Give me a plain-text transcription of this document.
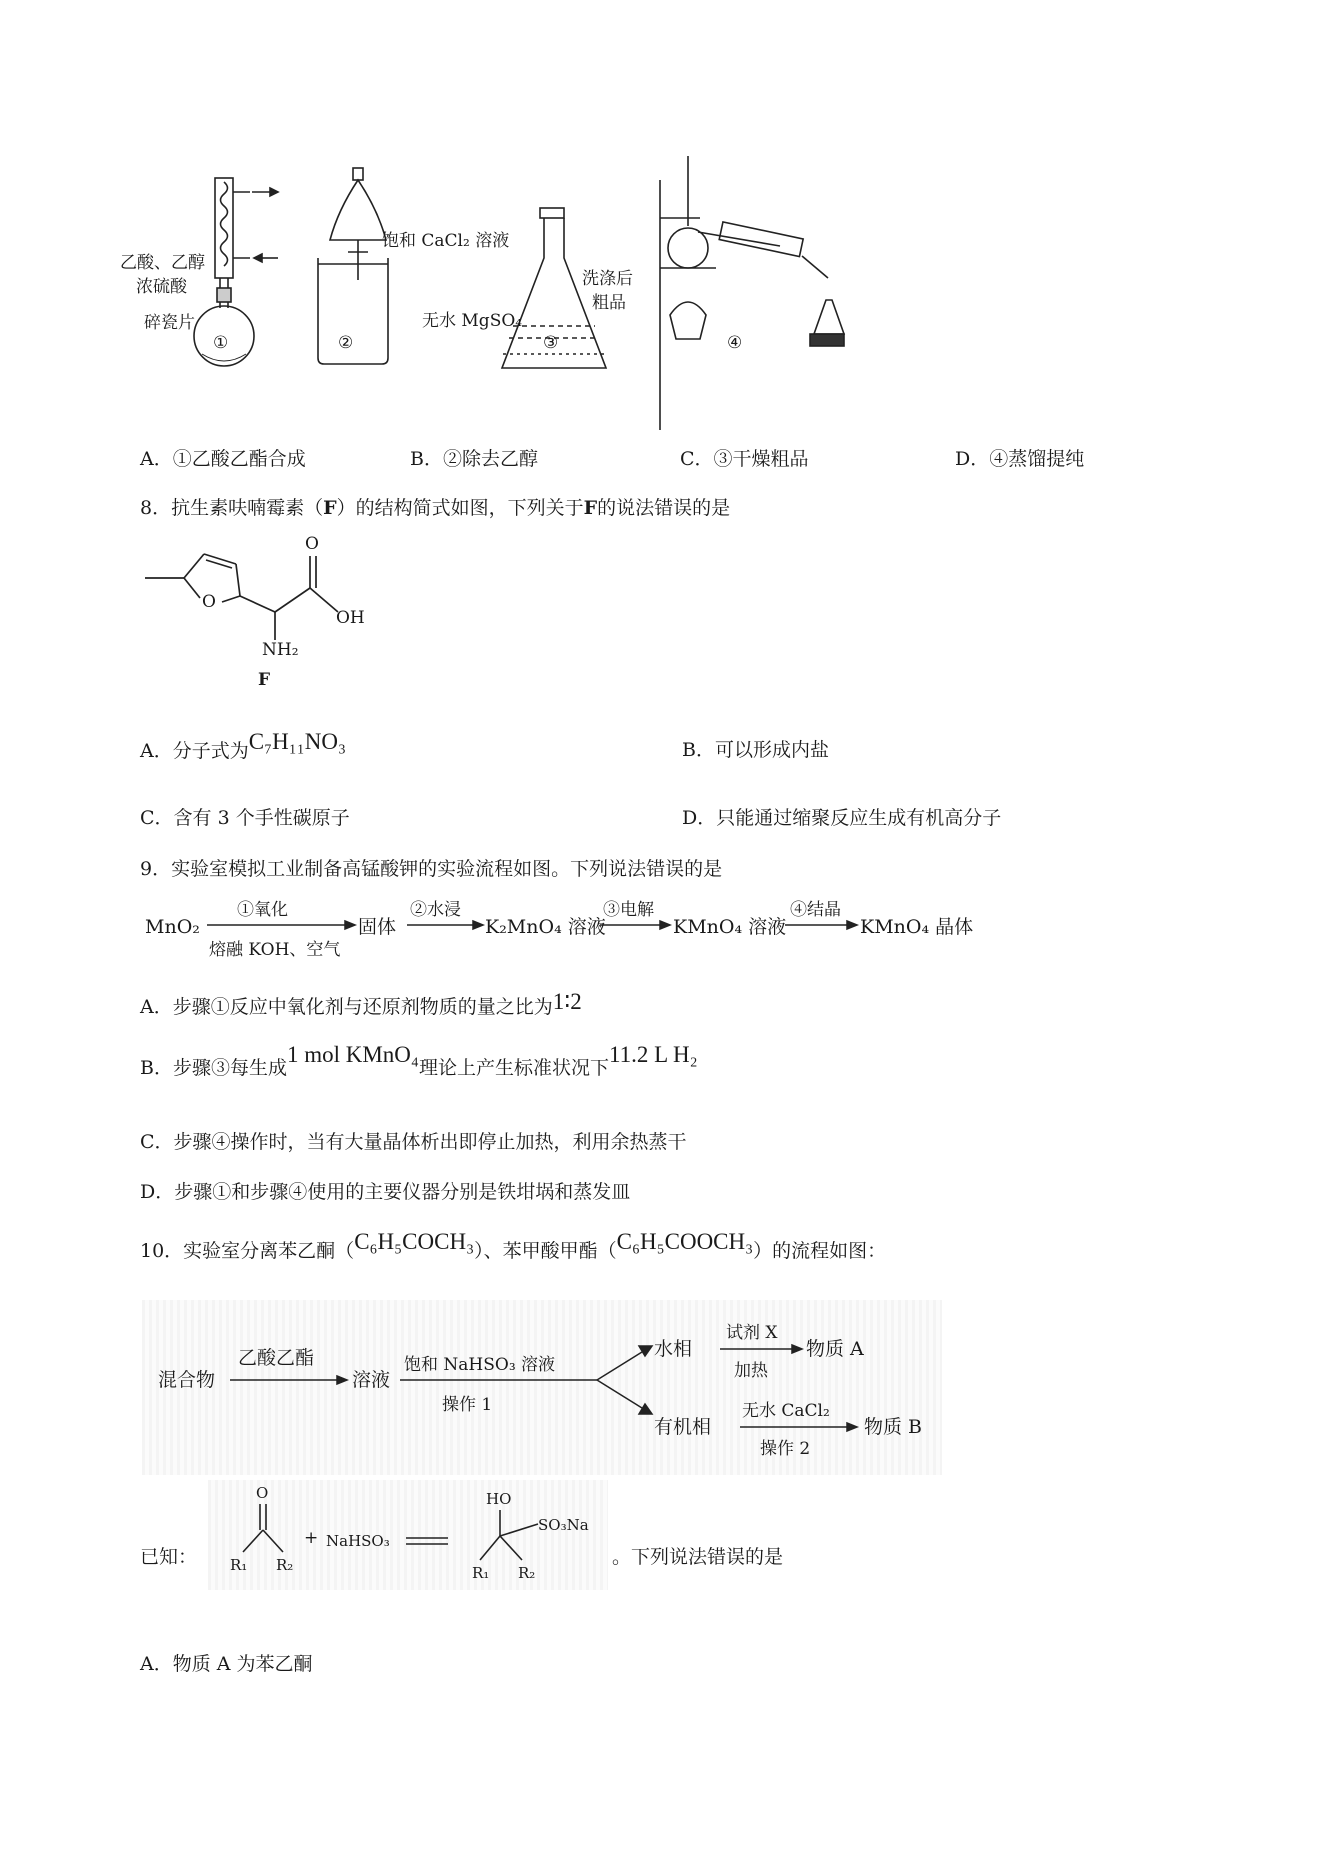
乙酸、乙醇
浓硫酸
碎瓷片
饱和 CaCl₂ 溶液
洗涤后
粗品
无水 MgSO₄
①	②	③	④
A．①乙酸乙酯合成	B．②除去乙醇	C．③干燥粗品	D．④蒸馏提纯
8．抗生素呋喃霉素（F）的结构简式如图，下列关于F的说法错误的是
O
O
OH
NH₂
F
A．分子式为C₇H₁₁NO₃	B．可以形成内盐
C．含有 3 个手性碳原子	D．只能通过缩聚反应生成有机高分子
9．实验室模拟工业制备高锰酸钾的实验流程如图。下列说法错误的是
MnO₂
①氧化
熔融 KOH、空气
固体
②水浸
K₂MnO₄ 溶液
③电解
KMnO₄ 溶液
④结晶
KMnO₄ 晶体
A．步骤①反应中氧化剂与还原剂物质的量之比为1∶2
B．步骤③每生成1 mol KMnO₄理论上产生标准状况下11.2 L H₂
C．步骤④操作时，当有大量晶体析出即停止加热，利用余热蒸干
D．步骤①和步骤④使用的主要仪器分别是铁坩埚和蒸发皿
10．实验室分离苯乙酮（C₆H₅COCH₃）、苯甲酸甲酯（C₆H₅COOCH₃）的流程如图：
混合物
乙酸乙酯
溶液
饱和 NaHSO₃ 溶液
操作 1
水相
试剂 X
加热
物质 A
有机相
无水 CaCl₂
操作 2
物质 B
已知：
O
R₁ R₂
+ NaHSO₃
HO
SO₃Na
R₁ R₂
。下列说法错误的是
A．物质 A 为苯乙酮
